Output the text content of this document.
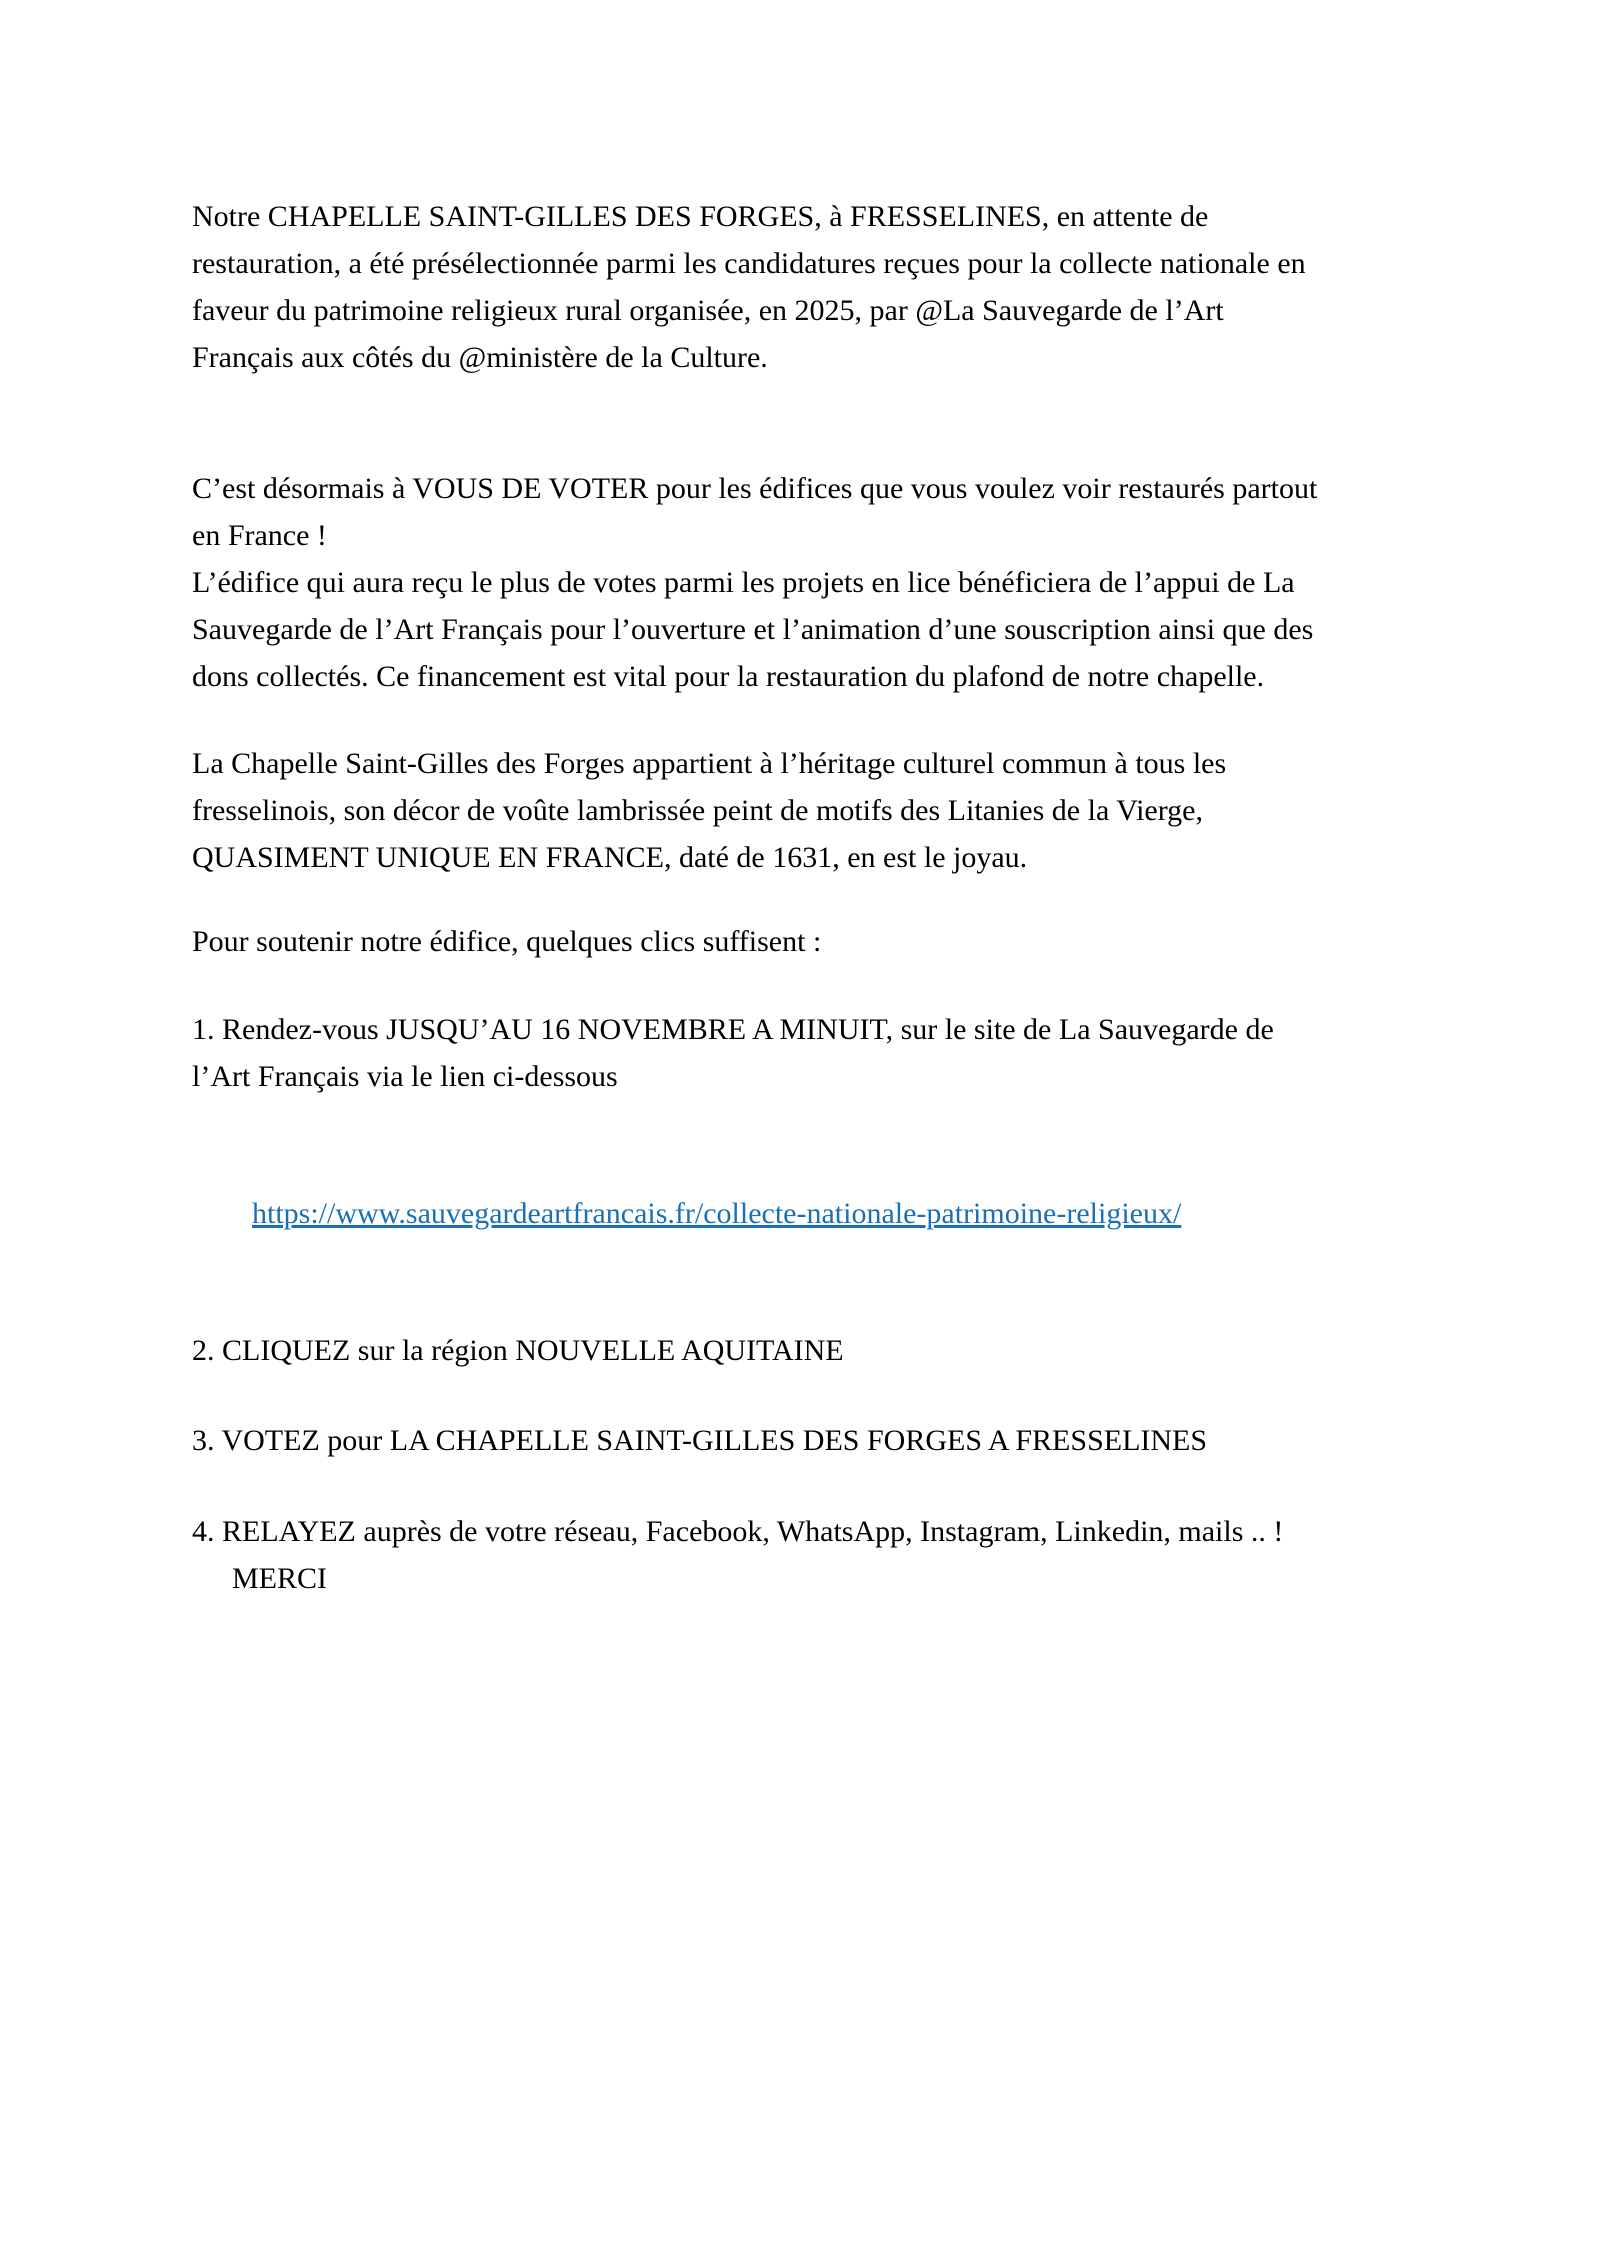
Notre CHAPELLE SAINT-GILLES DES FORGES, à FRESSELINES, en attente de
restauration, a été présélectionnée parmi les candidatures reçues pour la collecte nationale en
faveur du patrimoine religieux rural organisée, en 2025, par @La Sauvegarde de l’Art
Français aux côtés du @ministère de la Culture.
C’est désormais à VOUS DE VOTER pour les édifices que vous voulez voir restaurés partout
en France !
L’édifice qui aura reçu le plus de votes parmi les projets en lice bénéficiera de l’appui de La
Sauvegarde de l’Art Français pour l’ouverture et l’animation d’une souscription ainsi que des
dons collectés. Ce financement est vital pour la restauration du plafond de notre chapelle.
La Chapelle Saint-Gilles des Forges appartient à l’héritage culturel commun à tous les
fresselinois, son décor de voûte lambrissée peint de motifs des Litanies de la Vierge,
QUASIMENT UNIQUE EN FRANCE, daté de 1631, en est le joyau.
Pour soutenir notre édifice, quelques clics suffisent :
1. Rendez-vous JUSQU’AU 16 NOVEMBRE A MINUIT, sur le site de La Sauvegarde de
l’Art Français via le lien ci-dessous

https://www.sauvegardeartfrancais.fr/collecte-nationale-patrimoine-religieux/

2. CLIQUEZ sur la région NOUVELLE AQUITAINE
3. VOTEZ pour LA CHAPELLE SAINT-GILLES DES FORGES A FRESSELINES
4. RELAYEZ auprès de votre réseau, Facebook, WhatsApp, Instagram, Linkedin, mails .. !
MERCI
